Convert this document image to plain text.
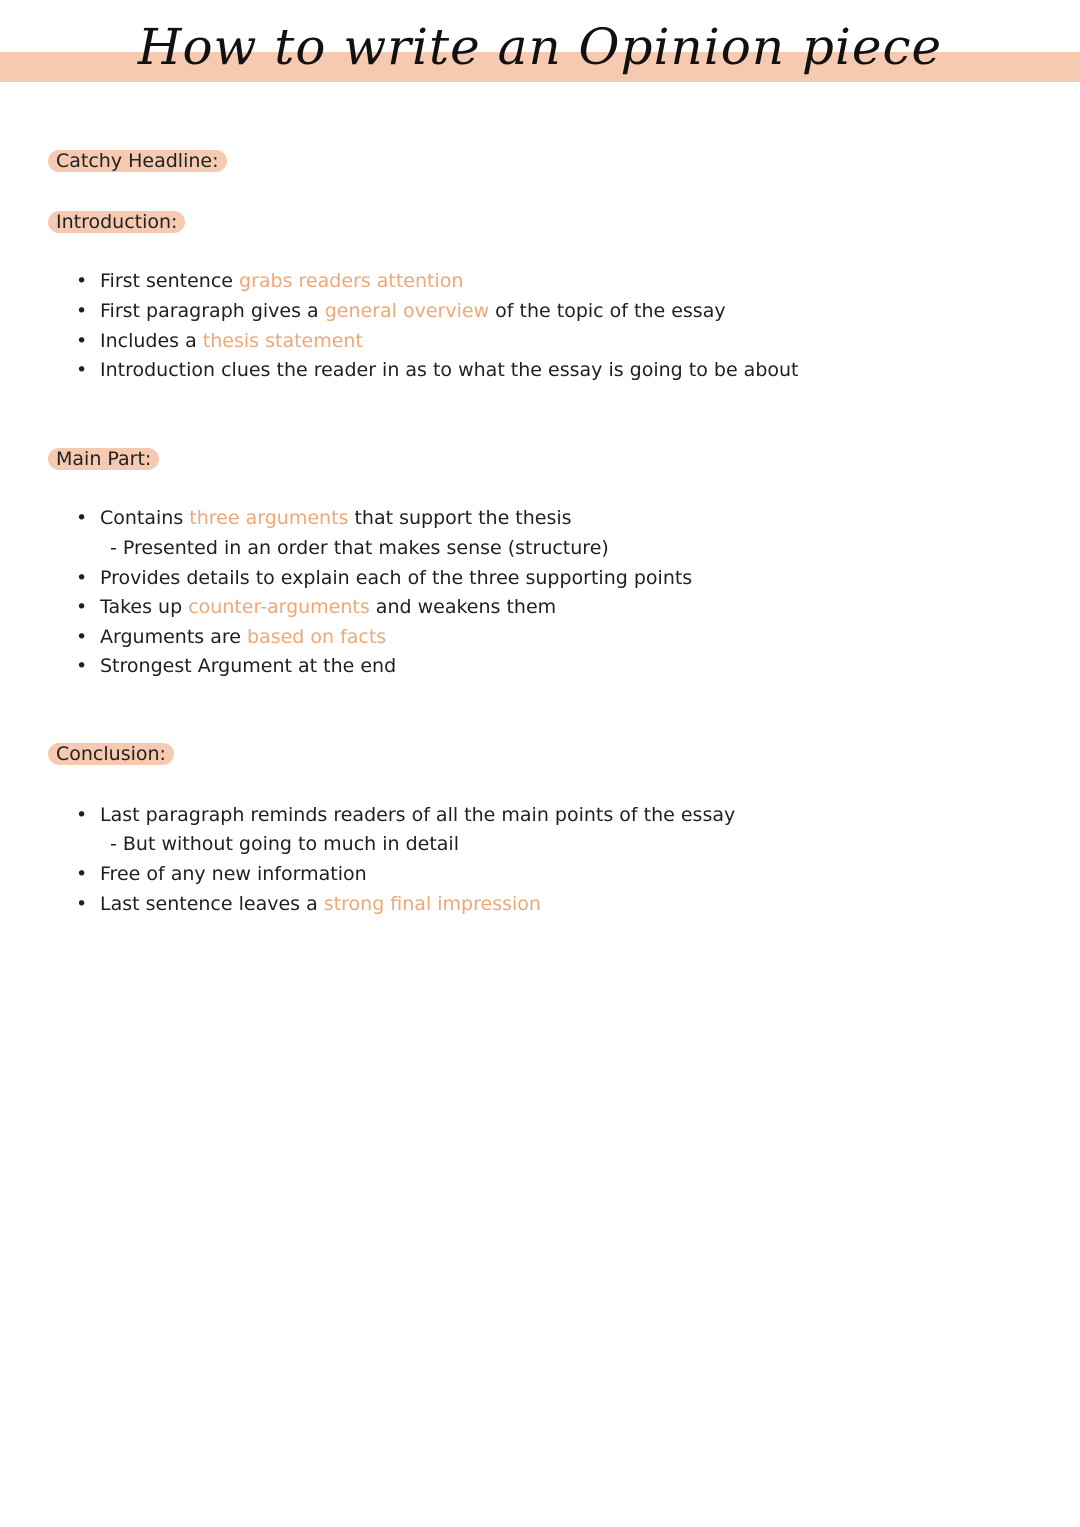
How to write an Opinion piece
Catchy Headline:
Introduction:
• First sentence grabs readers attention
• First paragraph gives a general overview of the topic of the essay
• Includes a thesis statement
• Introduction clues the reader in as to what the essay is going to be about
Main Part:
• Contains three arguments that support the thesis
- Presented in an order that makes sense (structure)
• Provides details to explain each of the three supporting points
• Takes up counter-arguments and weakens them
• Arguments are based on facts
• Strongest Argument at the end
Conclusion:
• Last paragraph reminds readers of all the main points of the essay
- But without going to much in detail
• Free of any new information
• Last sentence leaves a strong final impression
